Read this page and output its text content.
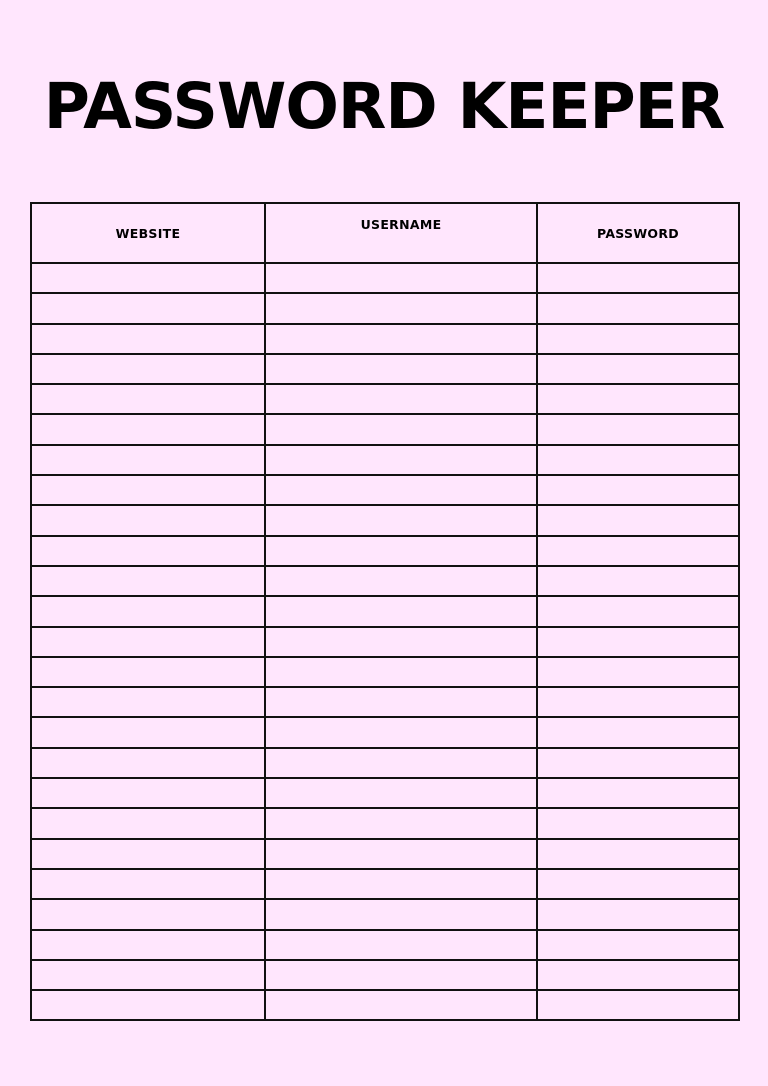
PASSWORD KEEPER
WEBSITE	USERNAME	PASSWORD
